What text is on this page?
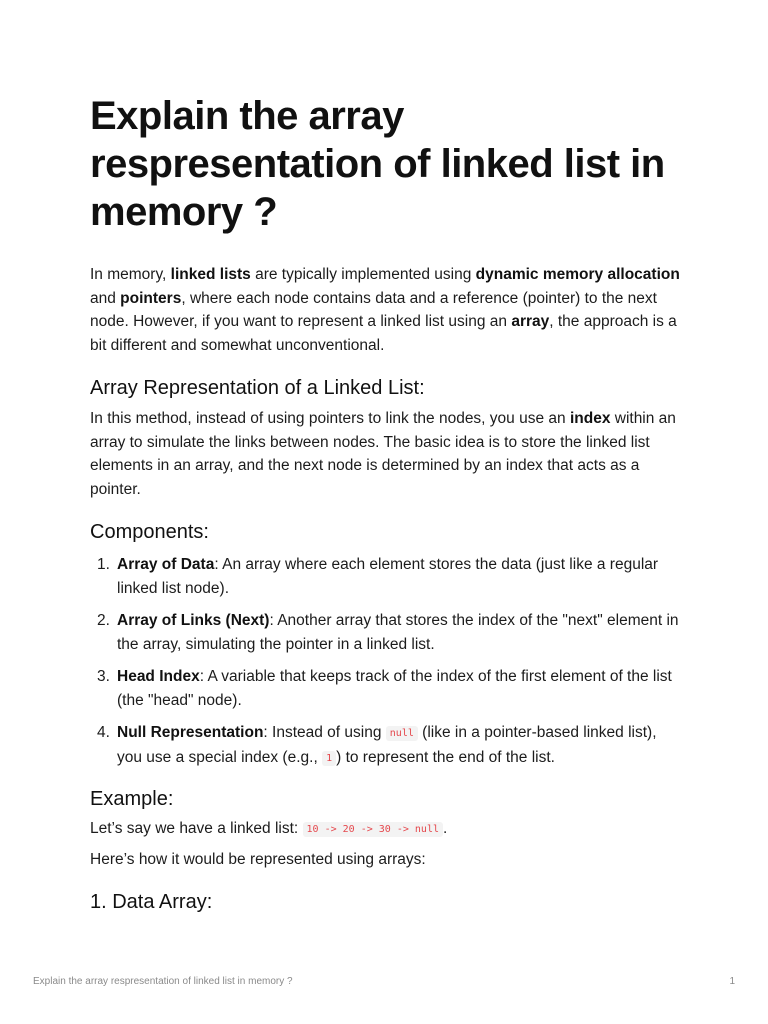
Explain the array respresentation of linked list in memory ?

In memory, linked lists are typically implemented using dynamic memory allocation and pointers, where each node contains data and a reference (pointer) to the next node. However, if you want to represent a linked list using an array, the approach is a bit different and somewhat unconventional.

Array Representation of a Linked List:

In this method, instead of using pointers to link the nodes, you use an index within an array to simulate the links between nodes. The basic idea is to store the linked list elements in an array, and the next node is determined by an index that acts as a pointer.

Components:
1. Array of Data: An array where each element stores the data (just like a regular linked list node).
2. Array of Links (Next): Another array that stores the index of the "next" element in the array, simulating the pointer in a linked list.
3. Head Index: A variable that keeps track of the index of the first element of the list (the "head" node).
4. Null Representation: Instead of using null (like in a pointer-based linked list), you use a special index (e.g., 1 ) to represent the end of the list.
Example:

Let’s say we have a linked list: 10 -> 20 -> 30 -> null .

Here’s how it would be represented using arrays:

1. Data Array:
Explain the array respresentation of linked list in memory ?	1
